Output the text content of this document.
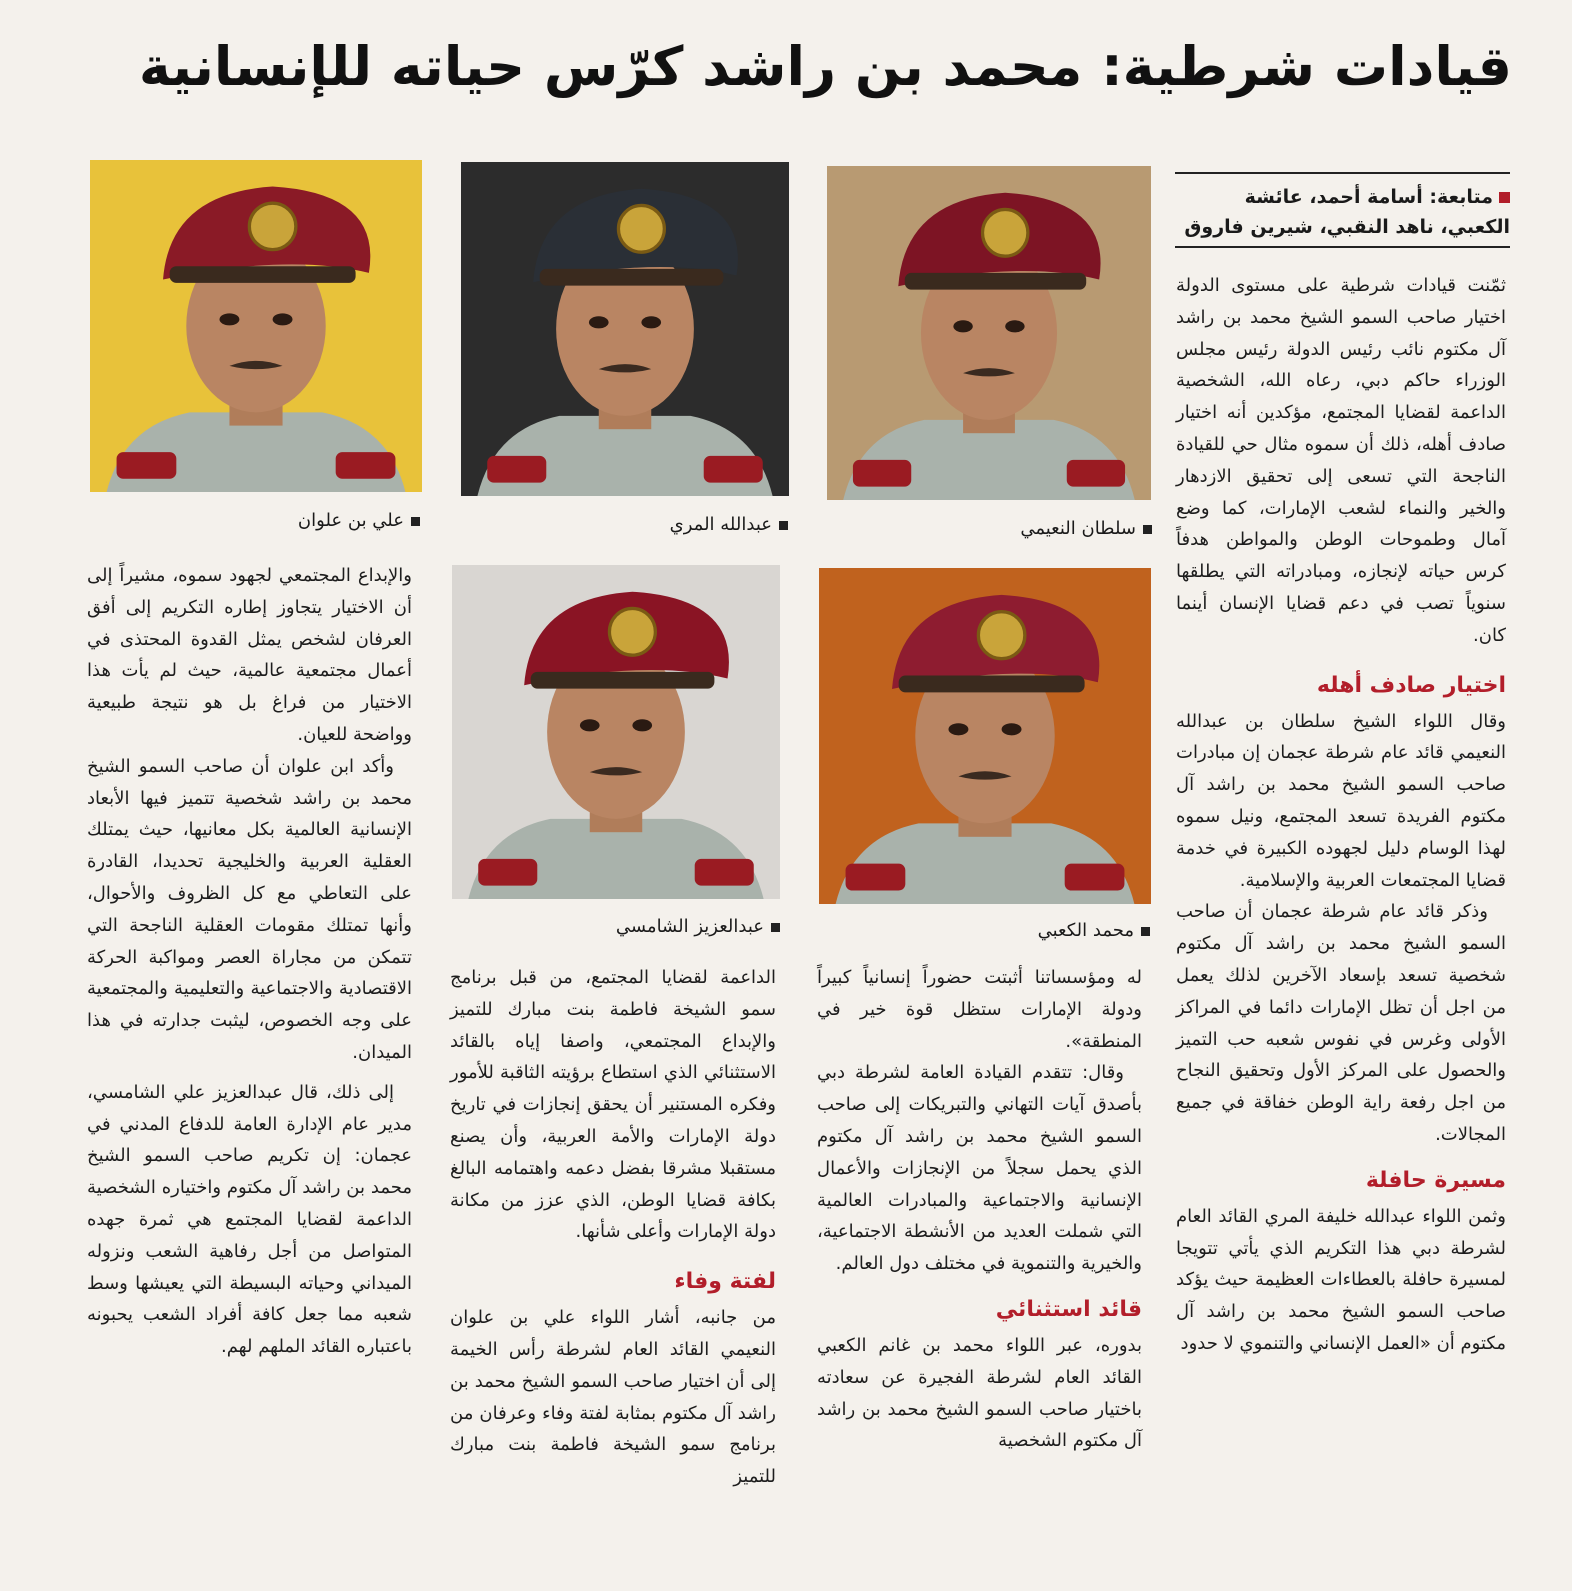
قيادات شرطية: محمد بن راشد كرّس حياته للإنسانية
متابعة: أسامة أحمد، عائشة
الكعبي، ناهد النقبي، شيرين فاروق
سلطان النعيمي
عبدالله المري
علي بن علوان
محمد الكعبي
عبدالعزيز الشامسي

ثمّنت قيادات شرطية على مستوى الدولة اختيار صاحب السمو الشيخ محمد بن راشد آل مكتوم نائب رئيس الدولة رئيس مجلس الوزراء حاكم دبي، رعاه الله، الشخصية الداعمة لقضايا المجتمع، مؤكدين أنه اختيار صادف أهله، ذلك أن سموه مثال حي للقيادة الناجحة التي تسعى إلى تحقيق الازدهار والخير والنماء لشعب الإمارات، كما وضع آمال وطموحات الوطن والمواطن هدفاً كرس حياته لإنجازه، ومبادراته التي يطلقها سنوياً تصب في دعم قضايا الإنسان أينما كان.

اختيار صادف أهله

وقال اللواء الشيخ سلطان بن عبدالله النعيمي قائد عام شرطة عجمان إن مبادرات صاحب السمو الشيخ محمد بن راشد آل مكتوم الفريدة تسعد المجتمع، ونيل سموه لهذا الوسام دليل لجهوده الكبيرة في خدمة قضايا المجتمعات العربية والإسلامية.

وذكر قائد عام شرطة عجمان أن صاحب السمو الشيخ محمد بن راشد آل مكتوم شخصية تسعد بإسعاد الآخرين لذلك يعمل من اجل أن تظل الإمارات دائما في المراكز الأولى وغرس في نفوس شعبه حب التميز والحصول على المركز الأول وتحقيق النجاح من اجل رفعة راية الوطن خفاقة في جميع المجالات.

مسيرة حافلة

وثمن اللواء عبدالله خليفة المري القائد العام لشرطة دبي هذا التكريم الذي يأتي تتويجا لمسيرة حافلة بالعطاءات العظيمة حيث يؤكد صاحب السمو الشيخ محمد بن راشد آل مكتوم أن «العمل الإنساني والتنموي لا حدود

له ومؤسساتنا أثبتت حضوراً إنسانياً كبيراً ودولة الإمارات ستظل قوة خير في المنطقة».

وقال: تتقدم القيادة العامة لشرطة دبي بأصدق آيات التهاني والتبريكات إلى صاحب السمو الشيخ محمد بن راشد آل مكتوم الذي يحمل سجلاً من الإنجازات والأعمال الإنسانية والاجتماعية والمبادرات العالمية التي شملت العديد من الأنشطة الاجتماعية، والخيرية والتنموية في مختلف دول العالم.

قائد استثنائي

بدوره، عبر اللواء محمد بن غانم الكعبي القائد العام لشرطة الفجيرة عن سعادته باختيار صاحب السمو الشيخ محمد بن راشد آل مكتوم الشخصية

الداعمة لقضايا المجتمع، من قبل برنامج سمو الشيخة فاطمة بنت مبارك للتميز والإبداع المجتمعي، واصفا إياه بالقائد الاستثنائي الذي استطاع برؤيته الثاقبة للأمور وفكره المستنير أن يحقق إنجازات في تاريخ دولة الإمارات والأمة العربية، وأن يصنع مستقبلا مشرقا بفضل دعمه واهتمامه البالغ بكافة قضايا الوطن، الذي عزز من مكانة دولة الإمارات وأعلى شأنها.

لفتة وفاء

من جانبه، أشار اللواء علي بن علوان النعيمي القائد العام لشرطة رأس الخيمة إلى أن اختيار صاحب السمو الشيخ محمد بن راشد آل مكتوم بمثابة لفتة وفاء وعرفان من برنامج سمو الشيخة فاطمة بنت مبارك للتميز

والإبداع المجتمعي لجهود سموه، مشيراً إلى أن الاختيار يتجاوز إطاره التكريم إلى أفق العرفان لشخص يمثل القدوة المحتذى في أعمال مجتمعية عالمية، حيث لم يأت هذا الاختيار من فراغ بل هو نتيجة طبيعية وواضحة للعيان.

وأكد ابن علوان أن صاحب السمو الشيخ محمد بن راشد شخصية تتميز فيها الأبعاد الإنسانية العالمية بكل معانيها، حيث يمتلك العقلية العربية والخليجية تحديدا، القادرة على التعاطي مع كل الظروف والأحوال، وأنها تمتلك مقومات العقلية الناجحة التي تتمكن من مجاراة العصر ومواكبة الحركة الاقتصادية والاجتماعية والتعليمية والمجتمعية على وجه الخصوص، ليثبت جدارته في هذا الميدان.

إلى ذلك، قال عبدالعزيز علي الشامسي، مدير عام الإدارة العامة للدفاع المدني في عجمان: إن تكريم صاحب السمو الشيخ محمد بن راشد آل مكتوم واختياره الشخصية الداعمة لقضايا المجتمع هي ثمرة جهده المتواصل من أجل رفاهية الشعب ونزوله الميداني وحياته البسيطة التي يعيشها وسط شعبه مما جعل كافة أفراد الشعب يحبونه باعتباره القائد الملهم لهم.
